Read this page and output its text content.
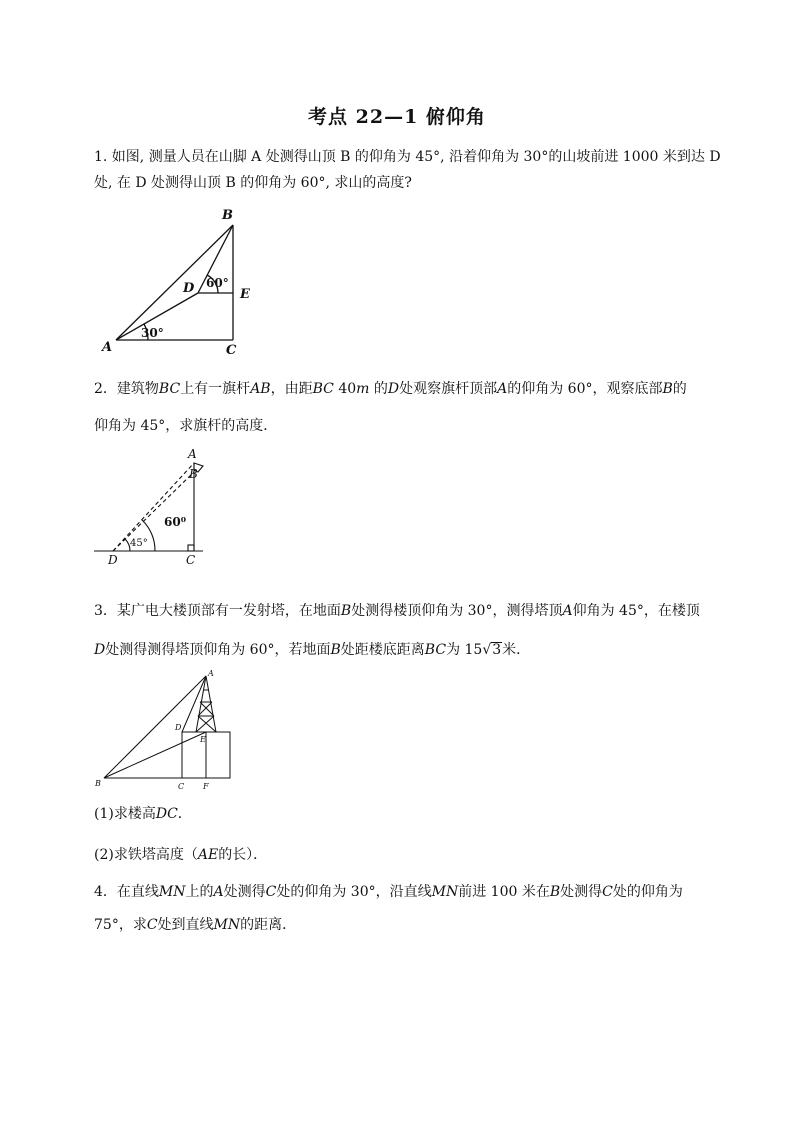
考点 22—1 俯仰角
1. 如图, 测量人员在山脚 A 处测得山顶 B 的仰角为 45°, 沿着仰角为 30°的山坡前进 1000 米到达 D
处, 在 D 处测得山顶 B 的仰角为 60°, 求山的高度?
B
A	C
D	E
30°
60°
2．建筑物BC上有一旗杆AB，由距BC 40m 的D处观察旗杆顶部A的仰角为 60°，观察底部B的
仰角为 45°，求旗杆的高度．
A
B
D	C
45°
60⁰
3．某广电大楼顶部有一发射塔，在地面B处测得楼顶仰角为 30°，测得塔顶A仰角为 45°，在楼顶
D处测得测得塔顶仰角为 60°，若地面B处距楼底距离BC为 15√3米．
A
D
E
B	C F
(1)求楼高DC．
(2)求铁塔高度（AE的长）．
4．在直线MN上的A处测得C处的仰角为 30°，沿直线MN前进 100 米在B处测得C处的仰角为
75°，求C处到直线MN的距离．
